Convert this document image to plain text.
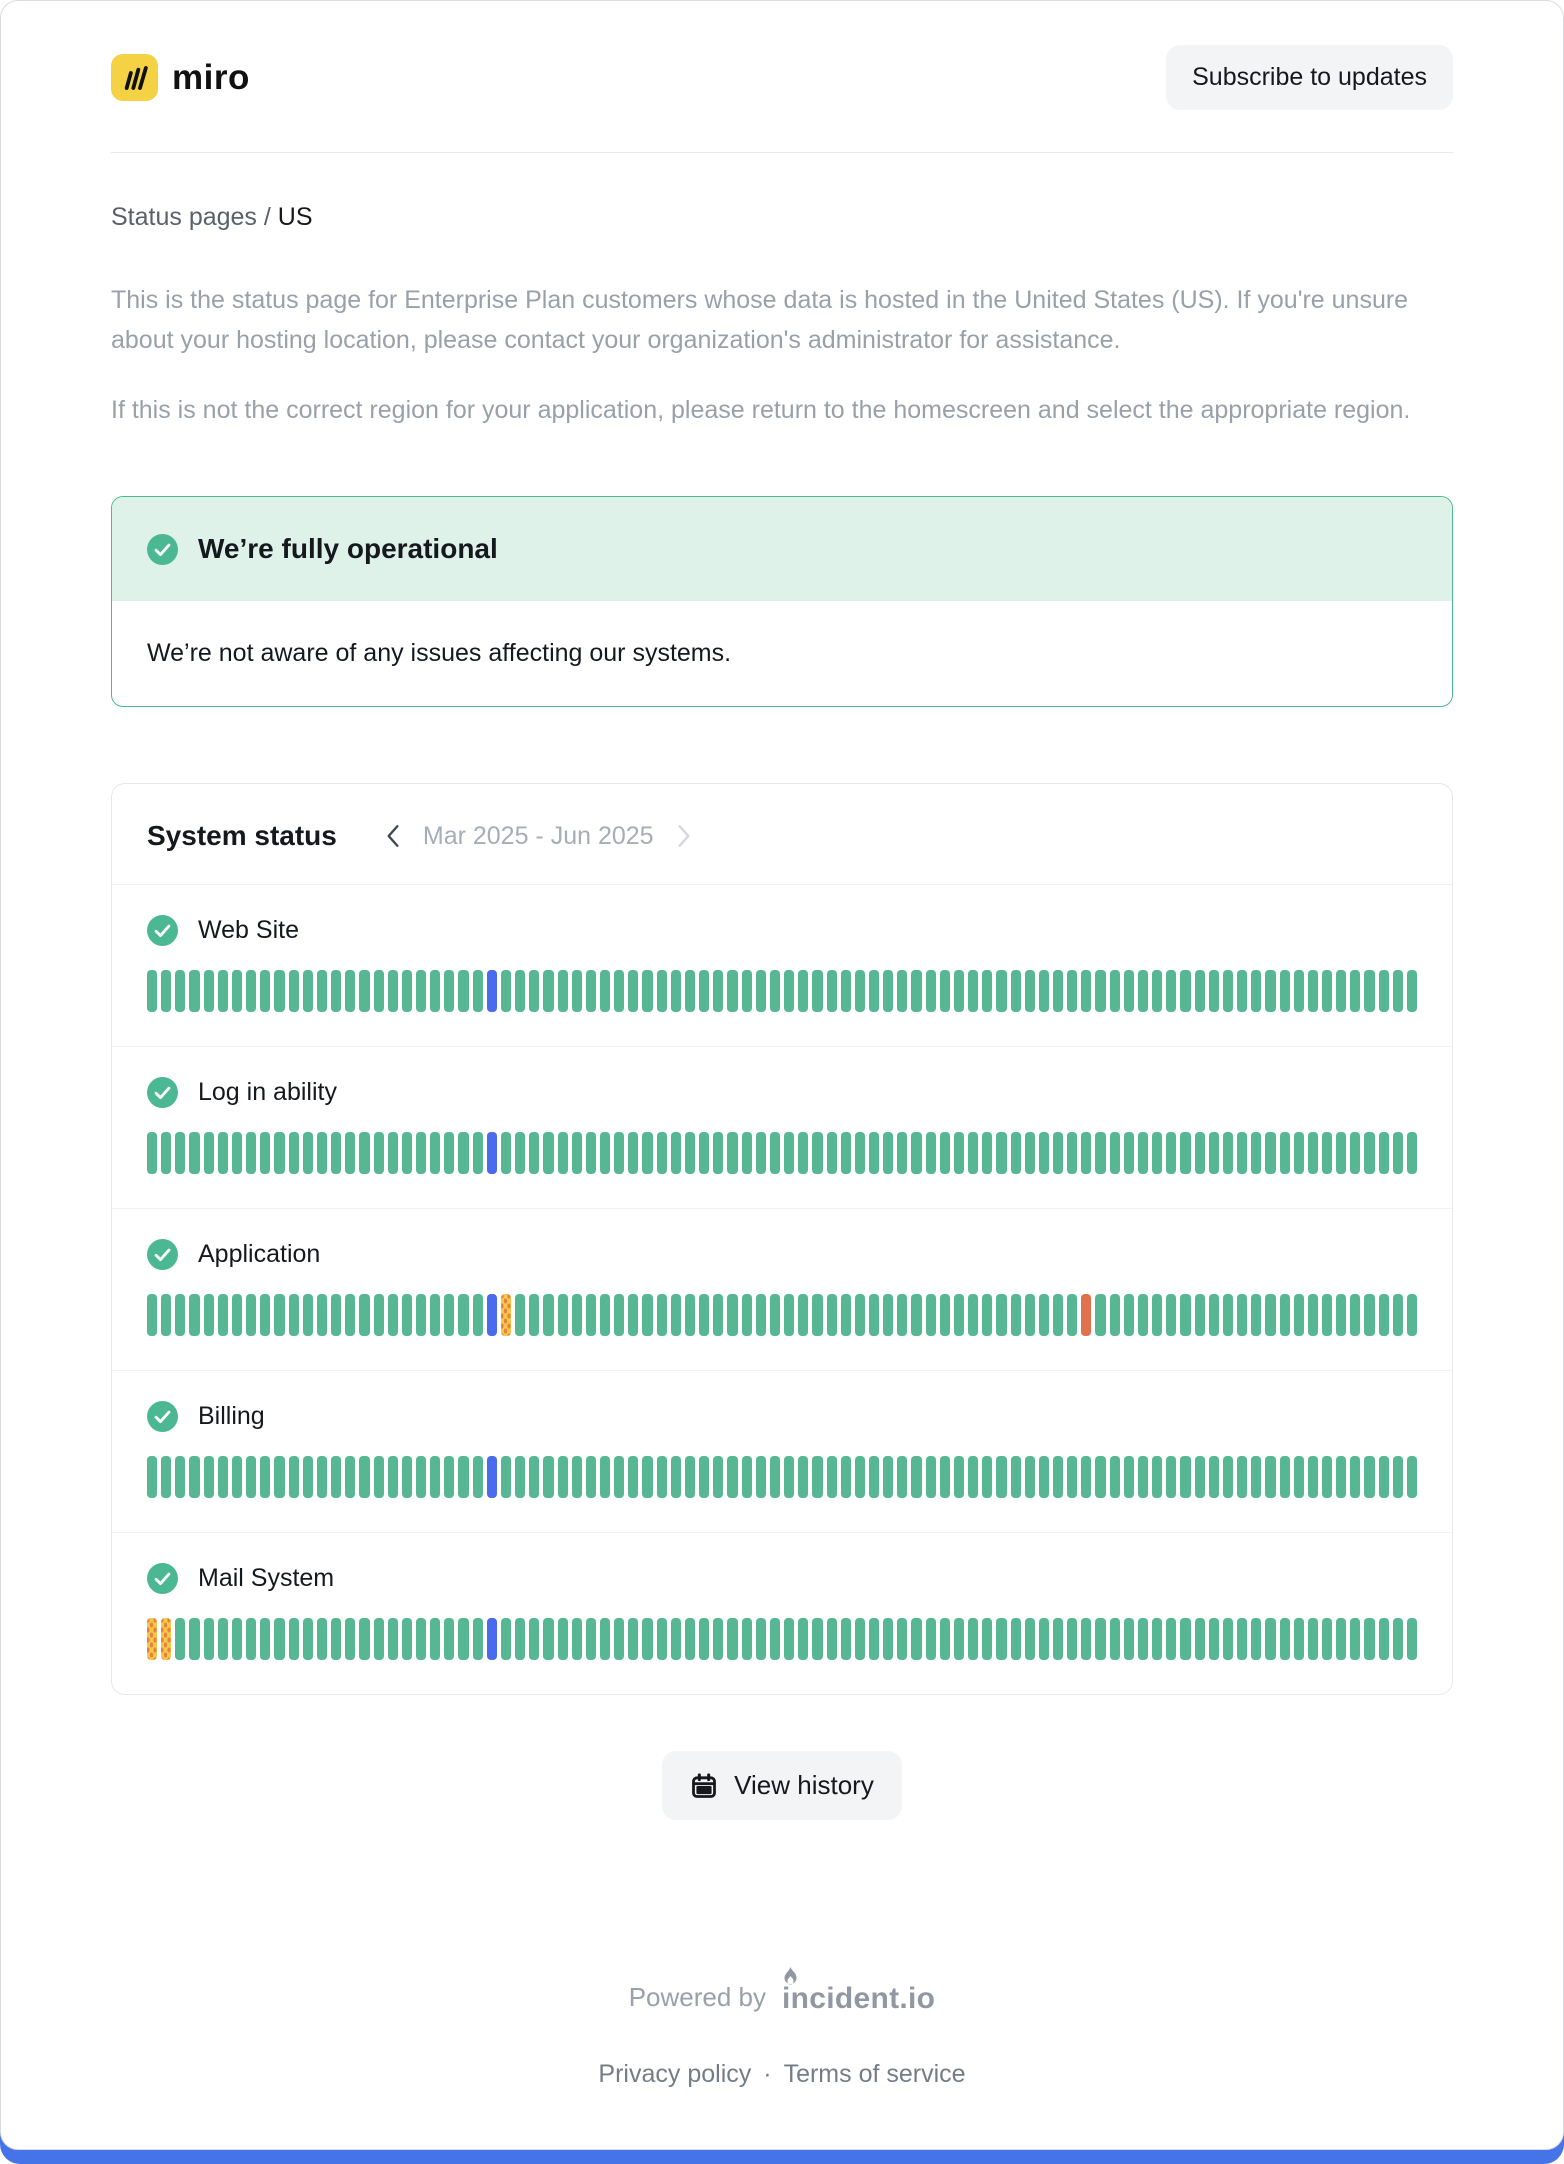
miro	Subscribe to updates
Status pages / US

This is the status page for Enterprise Plan customers whose data is hosted in the United States (US). If you're unsure about your hosting location, please contact your organization's administrator for assistance.

If this is not the correct region for your application, please return to the homescreen and select the appropriate region.

We’re fully operational
We’re not aware of any issues affecting our systems.
System status	Mar 2025 - Jun 2025
Web Site
Log in ability
Application
Billing
Mail System
View history
Powered by incident.io
Privacy policy · Terms of service
